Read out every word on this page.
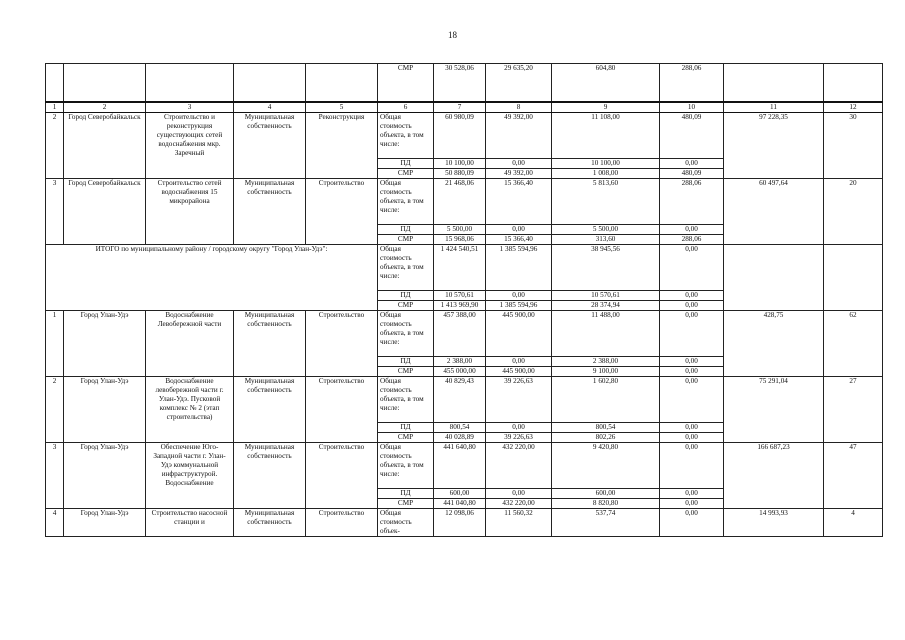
18
					СМР	30 528,06	29 635,20	604,80	288,06		
1	2	3	4	5	6	7	8	9	10	11	12
2	Город Северобайкальск	Строительство и реконструкция существующих сетей водоснабжения мкр. Заречный	Муниципальная собственность	Реконструкция	Общая стоимость объекта, в том числе:	60 980,09	49 392,00	11 108,00	480,09	97 228,35	30
					ПД	10 100,00	0,00	10 100,00	0,00		
					СМР	50 880,09	49 392,00	1 008,00	480,09		
3	Город Северобайкальск	Строительство сетей водоснабжения 15 микрорайона	Муниципальная собственность	Строительство	Общая стоимость объекта, в том числе:	21 468,06	15 366,40	5 813,60	288,06	60 497,64	20
					ПД	5 500,00	0,00	5 500,00	0,00		
					СМР	15 968,06	15 366,40	313,60	288,06		
ИТОГО по муниципальному району / городскому округу "Город Улан-Удэ":					Общая стоимость объекта, в том числе:	1 424 540,51	1 385 594,96	38 945,56	0,00		
					ПД	10 570,61	0,00	10 570,61	0,00		
					СМР	1 413 969,90	1 385 594,96	28 374,94	0,00		
1	Город Улан-Удэ	Водоснабжение Левобережной части	Муниципальная собственность	Строительство	Общая стоимость объекта, в том числе:	457 388,00	445 900,00	11 488,00	0,00	428,75	62
					ПД	2 388,00	0,00	2 388,00	0,00		
					СМР	455 000,00	445 900,00	9 100,00	0,00		
2	Город Улан-Удэ	Водоснабжение левобережной части г. Улан-Удэ. Пусковой комплекс № 2 (этап строительства)	Муниципальная собственность	Строительство	Общая стоимость объекта, в том числе:	40 829,43	39 226,63	1 602,80	0,00	75 291,04	27
					ПД	800,54	0,00	800,54	0,00		
					СМР	40 028,89	39 226,63	802,26	0,00		
3	Город Улан-Удэ	Обеспечение Юго-Западной части г. Улан-Удэ коммунальной инфраструктурой. Водоснабжение	Муниципальная собственность	Строительство	Общая стоимость объекта, в том числе:	441 640,80	432 220,00	9 420,80	0,00	166 687,23	47
					ПД	600,00	0,00	600,00	0,00		
					СМР	441 040,80	432 220,00	8 820,80	0,00		
4	Город Улан-Удэ	Строительство насосной станции и	Муниципальная собственность	Строительство	Общая стоимость объек-	12 098,06	11 560,32	537,74	0,00	14 993,93	4
